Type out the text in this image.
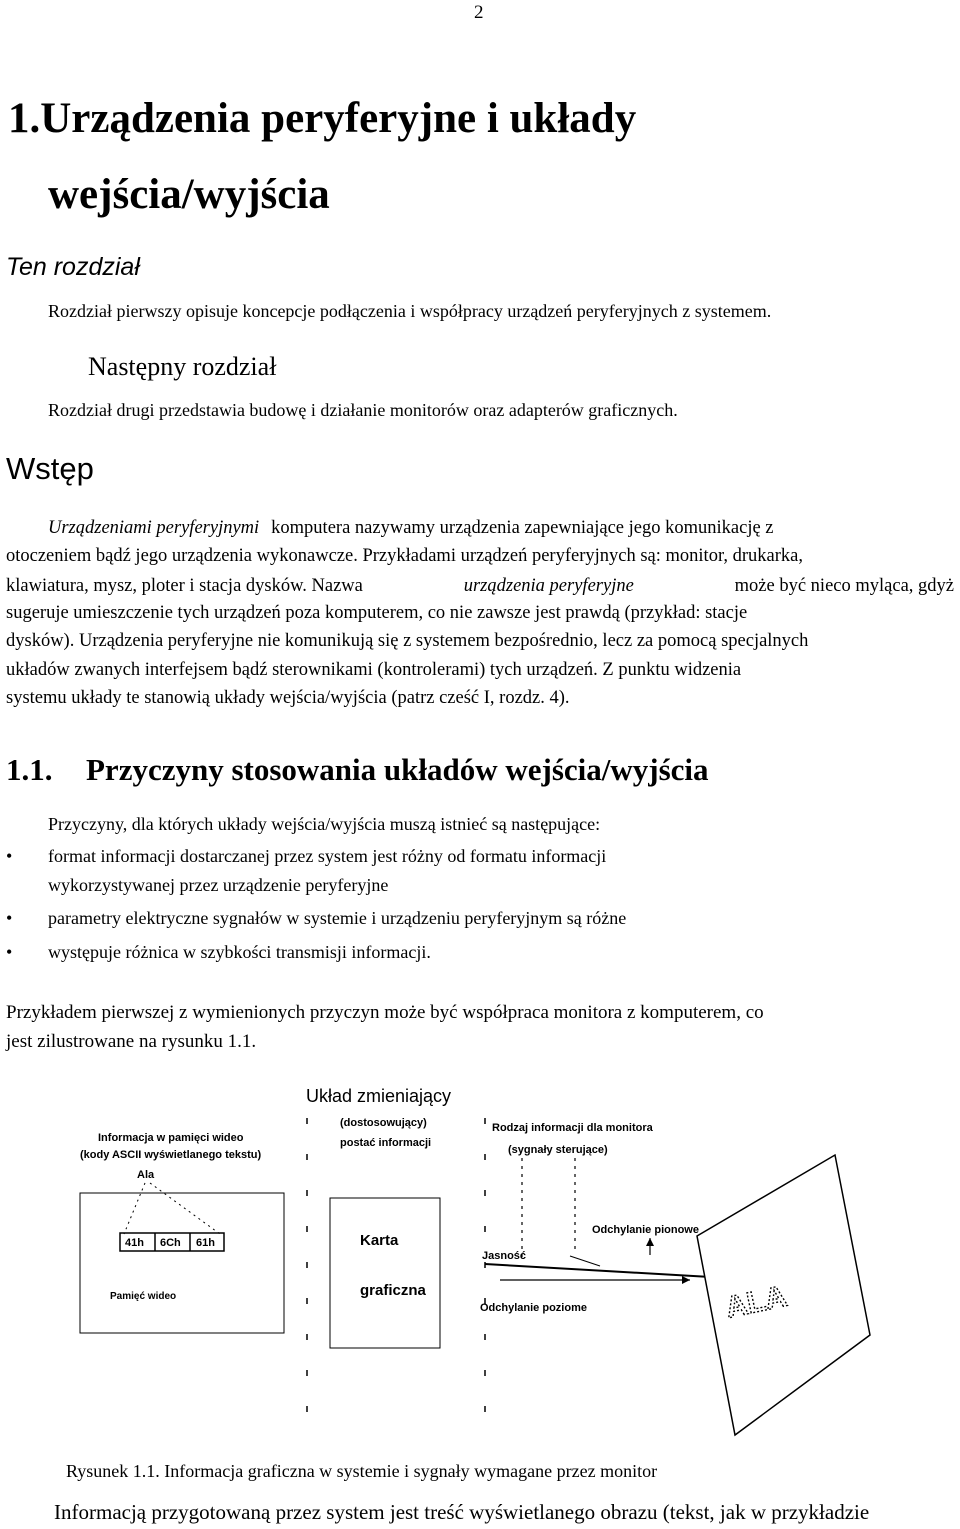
2
1.Urządzenia peryferyjne i układy
wejścia/wyjścia
Ten rozdział
Rozdział pierwszy opisuje koncepcje podłączenia i współpracy urządzeń peryferyjnych z systemem.
Następny rozdział
Rozdział drugi przedstawia budowę i działanie monitorów oraz adapterów graficznych.
Wstęp
Urządzeniami peryferyjnymi komputera nazywamy urządzenia zapewniające jego komunikację z
otoczeniem bądź jego urządzenia wykonawcze. Przykładami urządzeń peryferyjnych są: monitor, drukarka,
klawiatura, mysz, ploter i stacja dysków. Nazwa	urządzenia peryferyjne	może być nieco myląca, gdyż
sugeruje umieszczenie tych urządzeń poza komputerem, co nie zawsze jest prawdą (przykład: stacje
dysków). Urządzenia peryferyjne nie komunikują się z systemem bezpośrednio, lecz za pomocą specjalnych
układów zwanych interfejsem bądź sterownikami (kontrolerami) tych urządzeń. Z punktu widzenia
systemu układy te stanowią układy wejścia/wyjścia (patrz cześć I, rozdz. 4).
1.1. Przyczyny stosowania układów wejścia/wyjścia
Przyczyny, dla których układy wejścia/wyjścia muszą istnieć są następujące:
• format informacji dostarczanej przez system jest różny od formatu informacji
wykorzystywanej przez urządzenie peryferyjne
• parametry elektryczne sygnałów w systemie i urządzeniu peryferyjnym są różne
• występuje różnica w szybkości transmisji informacji.
Przykładem pierwszej z wymienionych przyczyn może być współpraca monitora z komputerem, co
jest zilustrowane na rysunku 1.1.
Układ zmieniający
(dostosowujący)
postać informacji
Informacja w pamięci wideo
(kody ASCII wyświetlanego tekstu)
Ala
41h 6Ch 61h
Pamięć wideo
Karta
graficzna
Rodzaj informacji dla monitora
(sygnały sterujące)
Odchylanie pionowe
Jasność
Odchylanie poziome	ALA
Rysunek 1.1. Informacja graficzna w systemie i sygnały wymagane przez monitor
Informacją przygotowaną przez system jest treść wyświetlanego obrazu (tekst, jak w przykładzie
